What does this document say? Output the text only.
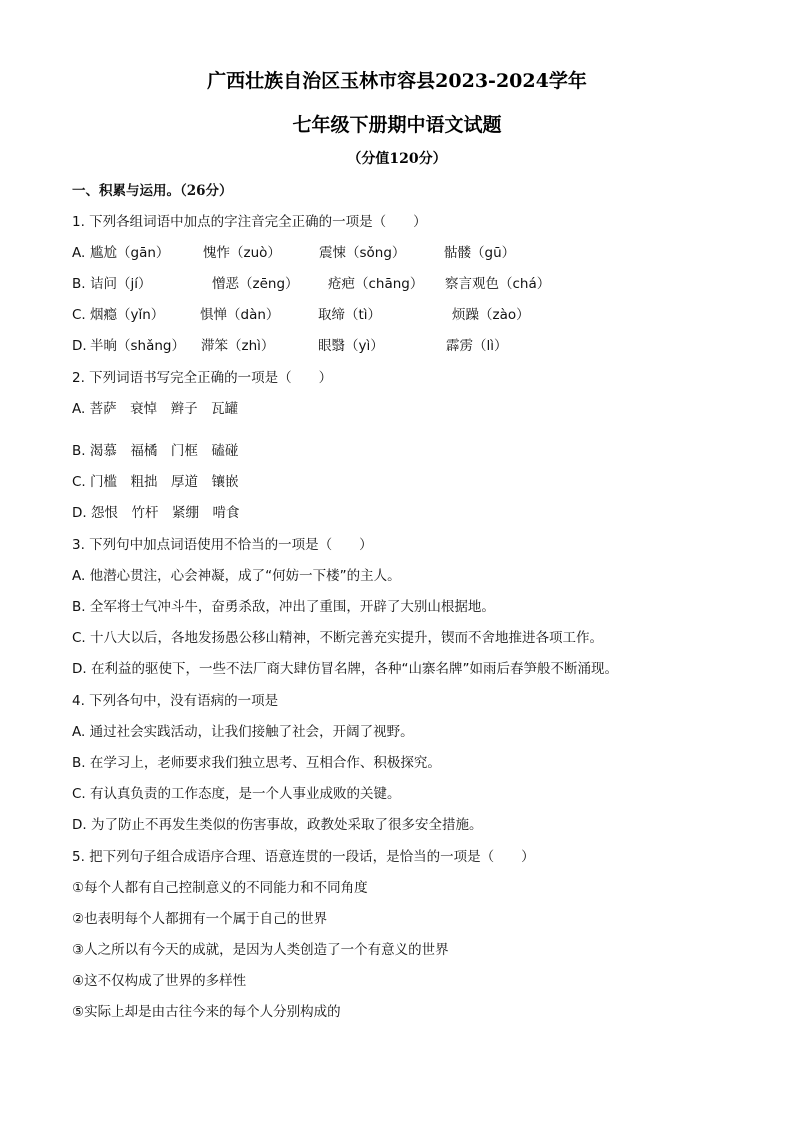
广西壮族自治区玉林市容县2023-2024学年
七年级下册期中语文试题
（分值120分）
一、积累与运用。（26分）
1. 下列各组词语中加点的字注音完全正确的一项是（　　）
A. 尴尬（gān） 愧怍（zuò）	震悚（sǒng）	骷髅（gū）
B. 诘问（jí）	憎恶（zēng） 疮疤（chāng） 察言观色（chá）
C. 烟瘾（yǐn）	惧惮（dàn）	取缔（tì）	烦躁（zào）
D. 半晌（shǎng） 滞笨（zhì）	眼翳（yì）	霹雳（lì）
2. 下列词语书写完全正确的一项是（　　）
A. 菩萨　衰悼　辫子　瓦罐
B. 渴慕　福橘　门框　磕碰
C. 门槛　粗拙　厚道　镶嵌
D. 怨恨　竹杆　紧绷　啃食
3. 下列句中加点词语使用不恰当的一项是（　　）
A. 他潜心贯注，心会神凝，成了“何妨一下楼”的主人。
B. 全军将士气冲斗牛，奋勇杀敌，冲出了重围，开辟了大别山根据地。
C. 十八大以后，各地发扬愚公移山精神，不断完善充实提升，锲而不舍地推进各项工作。
D. 在利益的驱使下，一些不法厂商大肆仿冒名牌，各种“山寨名牌”如雨后春笋般不断涌现。
4. 下列各句中，没有语病的一项是
A. 通过社会实践活动，让我们接触了社会，开阔了视野。
B. 在学习上，老师要求我们独立思考、互相合作、积极探究。
C. 有认真负责的工作态度，是一个人事业成败的关键。
D. 为了防止不再发生类似的伤害事故，政教处采取了很多安全措施。
5. 把下列句子组合成语序合理、语意连贯的一段话，是恰当的一项是（　　）
①每个人都有自己控制意义的不同能力和不同角度
②也表明每个人都拥有一个属于自己的世界
③人之所以有今天的成就，是因为人类创造了一个有意义的世界
④这不仅构成了世界的多样性
⑤实际上却是由古往今来的每个人分别构成的
